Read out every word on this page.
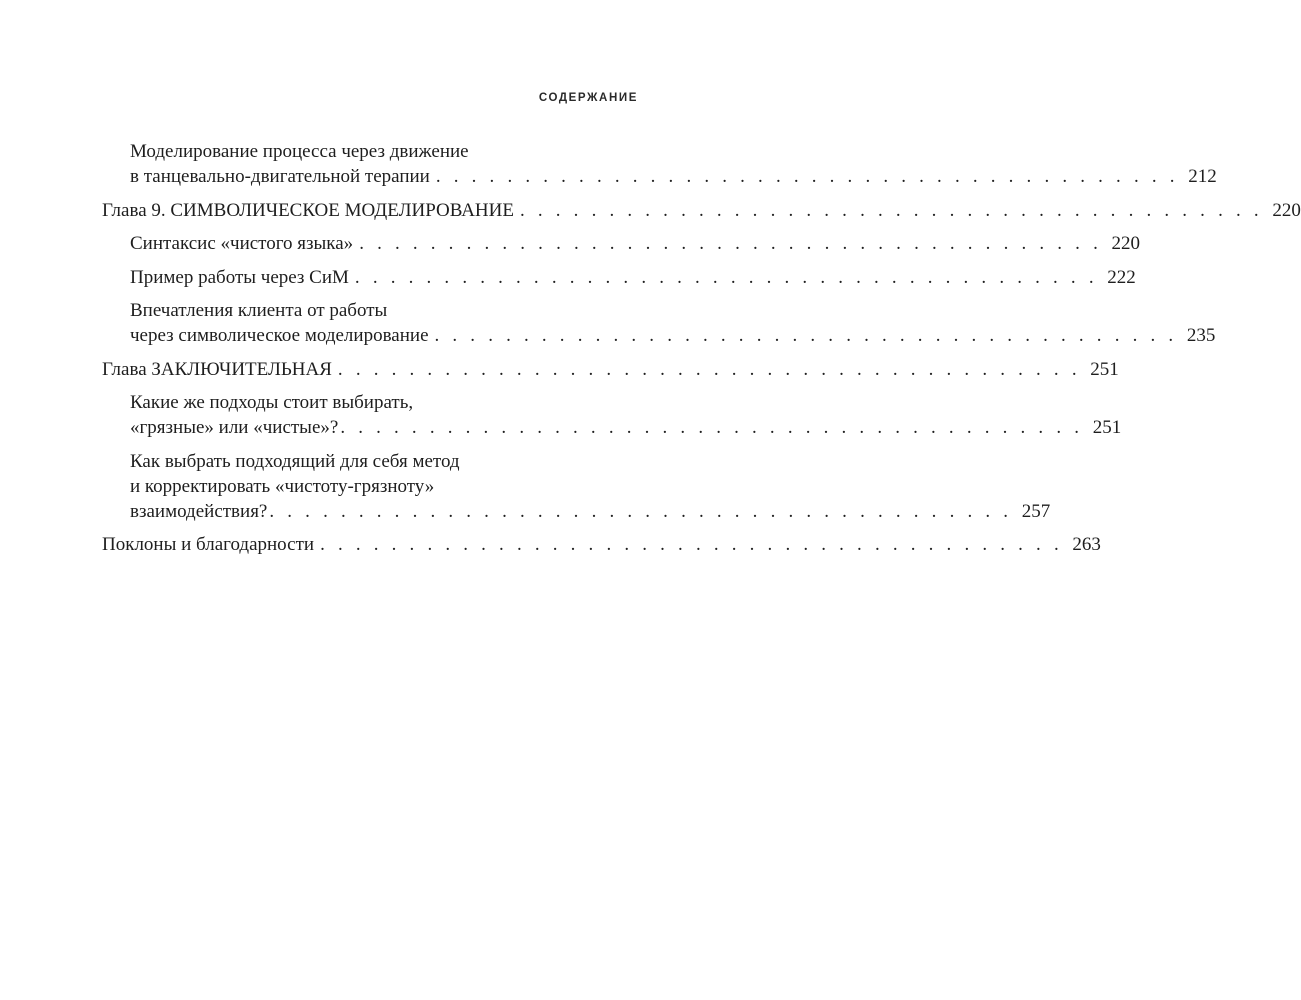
СОДЕРЖАНИЕ
Моделирование процесса через движение
в танцевально-двигательной терапии . . . . . . . . . . . . . . . . . . . . . . . . . . . . . . . . . . . . . . . . . . 212
Глава 9. СИМВОЛИЧЕСКОЕ МОДЕЛИРОВАНИЕ . . . . . . . . . . . . . . . . . . . . . . . . . . . . . . . . . . . . . . . . . . 220
Синтаксис «чистого языка» . . . . . . . . . . . . . . . . . . . . . . . . . . . . . . . . . . . . . . . . . . 220
Пример работы через СиМ . . . . . . . . . . . . . . . . . . . . . . . . . . . . . . . . . . . . . . . . . . 222
Впечатления клиента от работы
через символическое моделирование . . . . . . . . . . . . . . . . . . . . . . . . . . . . . . . . . . . . . . . . . . 235
Глава ЗАКЛЮЧИТЕЛЬНАЯ . . . . . . . . . . . . . . . . . . . . . . . . . . . . . . . . . . . . . . . . . . 251
Какие же подходы стоит выбирать,
«грязные» или «чистые»? . . . . . . . . . . . . . . . . . . . . . . . . . . . . . . . . . . . . . . . . . . 251
Как выбрать подходящий для себя метод
и корректировать «чистоту-грязноту»
взаимодействия? . . . . . . . . . . . . . . . . . . . . . . . . . . . . . . . . . . . . . . . . . . 257
Поклоны и благодарности . . . . . . . . . . . . . . . . . . . . . . . . . . . . . . . . . . . . . . . . . . 263
